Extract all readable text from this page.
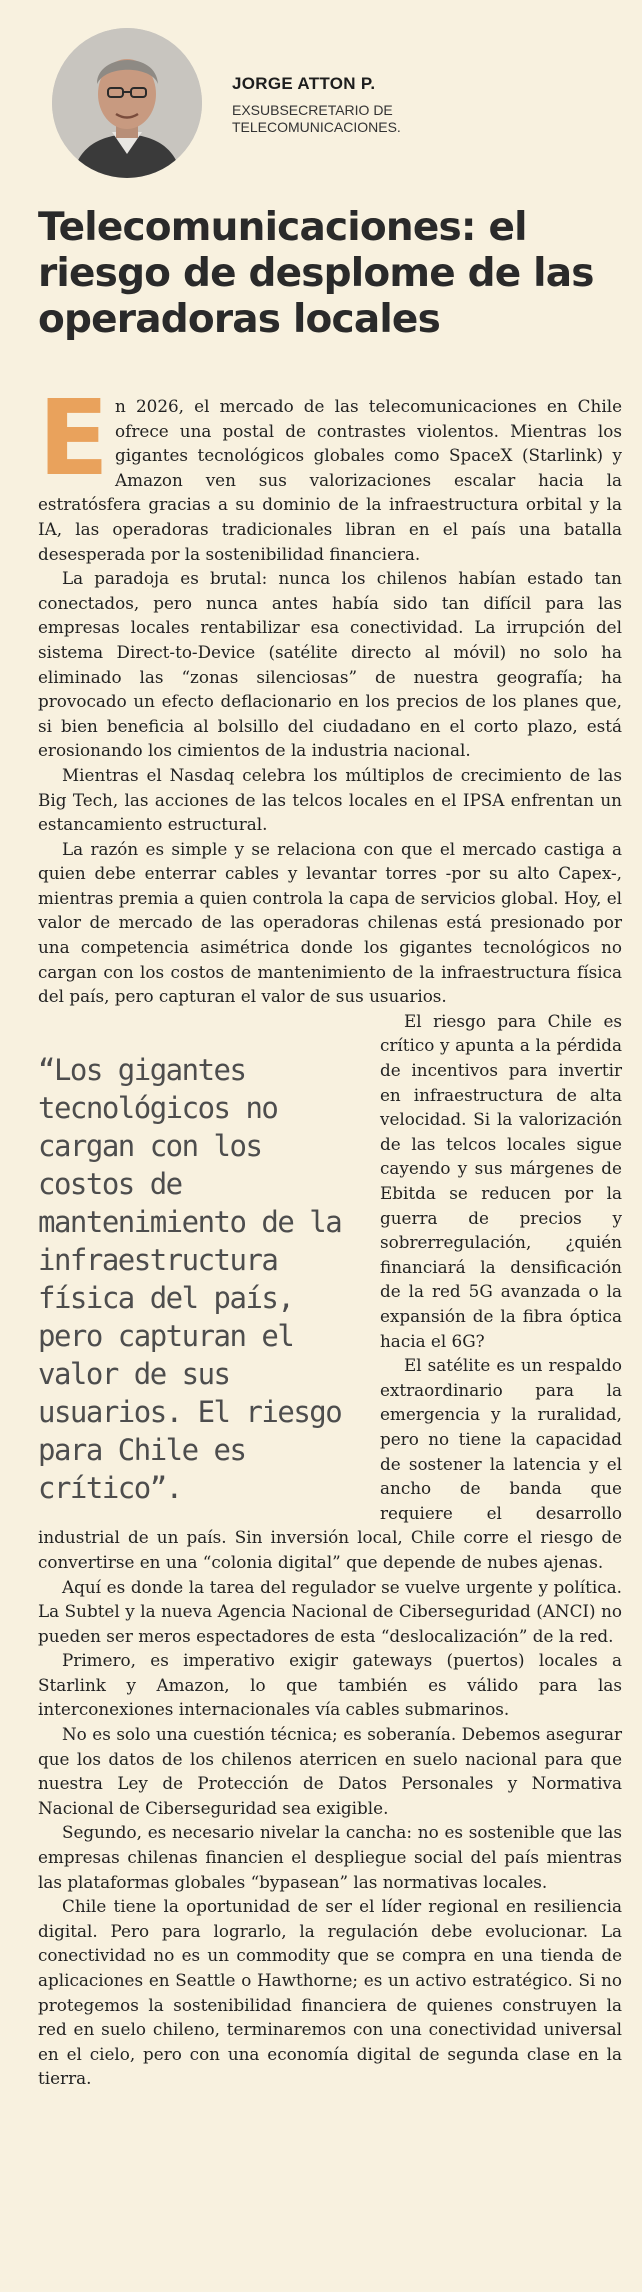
JORGE ATTON P.
EXSUBSECRETARIO DE TELECOMUNICACIONES.
Telecomunicaciones: el riesgo de desplome de las operadoras locales

En 2026, el mercado de las telecomunicaciones en Chile ofrece una postal de contrastes violentos. Mientras los gigantes tecnológicos globales como SpaceX (Starlink) y Amazon ven sus valorizaciones escalar hacia la estratósfera gracias a su dominio de la infraestructura orbital y la IA, las operadoras tradicionales libran en el país una batalla desesperada por la sostenibilidad financiera.

La paradoja es brutal: nunca los chilenos habían estado tan conectados, pero nunca antes había sido tan difícil para las empresas locales rentabilizar esa conectividad. La irrupción del sistema Direct-to-Device (satélite directo al móvil) no solo ha eliminado las “zonas silenciosas” de nuestra geografía; ha provocado un efecto deflacionario en los precios de los planes que, si bien beneficia al bolsillo del ciudadano en el corto plazo, está erosionando los cimientos de la industria nacional.

Mientras el Nasdaq celebra los múltiplos de crecimiento de las Big Tech, las acciones de las telcos locales en el IPSA enfrentan un estancamiento estructural.

La razón es simple y se relaciona con que el mercado castiga a quien debe enterrar cables y levantar torres -por su alto Capex-, mientras premia a quien controla la capa de servicios global. Hoy, el valor de mercado de las operadoras chilenas está presionado por una competencia asimétrica donde los gigantes tecnológicos no cargan con los costos de mantenimiento de la infraestructura física del país, pero capturan el valor de sus usuarios.

“Los gigantes tecnológicos no cargan con los costos de mantenimiento de la infraestructura física del país, pero capturan el valor de sus usuarios. El riesgo para Chile es crítico”.

El riesgo para Chile es crítico y apunta a la pérdida de incentivos para invertir en infraestructura de alta velocidad. Si la valorización de las telcos locales sigue cayendo y sus márgenes de Ebitda se reducen por la guerra de precios y sobrerregulación, ¿quién financiará la densificación de la red 5G avanzada o la expansión de la fibra óptica hacia el 6G?

El satélite es un respaldo extraordinario para la emergencia y la ruralidad, pero no tiene la capacidad de sostener la latencia y el ancho de banda que requiere el desarrollo industrial de un país. Sin inversión local, Chile corre el riesgo de convertirse en una “colonia digital” que depende de nubes ajenas.

Aquí es donde la tarea del regulador se vuelve urgente y política. La Subtel y la nueva Agencia Nacional de Ciberseguridad (ANCI) no pueden ser meros espectadores de esta “deslocalización” de la red.

Primero, es imperativo exigir gateways (puertos) locales a Starlink y Amazon, lo que también es válido para las interconexiones internacionales vía cables submarinos.

No es solo una cuestión técnica; es soberanía. Debemos asegurar que los datos de los chilenos aterricen en suelo nacional para que nuestra Ley de Protección de Datos Personales y Normativa Nacional de Ciberseguridad sea exigible.

Segundo, es necesario nivelar la cancha: no es sostenible que las empresas chilenas financien el despliegue social del país mientras las plataformas globales “bypasean” las normativas locales.

Chile tiene la oportunidad de ser el líder regional en resiliencia digital. Pero para lograrlo, la regulación debe evolucionar. La conectividad no es un commodity que se compra en una tienda de aplicaciones en Seattle o Hawthorne; es un activo estratégico. Si no protegemos la sostenibilidad financiera de quienes construyen la red en suelo chileno, terminaremos con una conectividad universal en el cielo, pero con una economía digital de segunda clase en la tierra.
